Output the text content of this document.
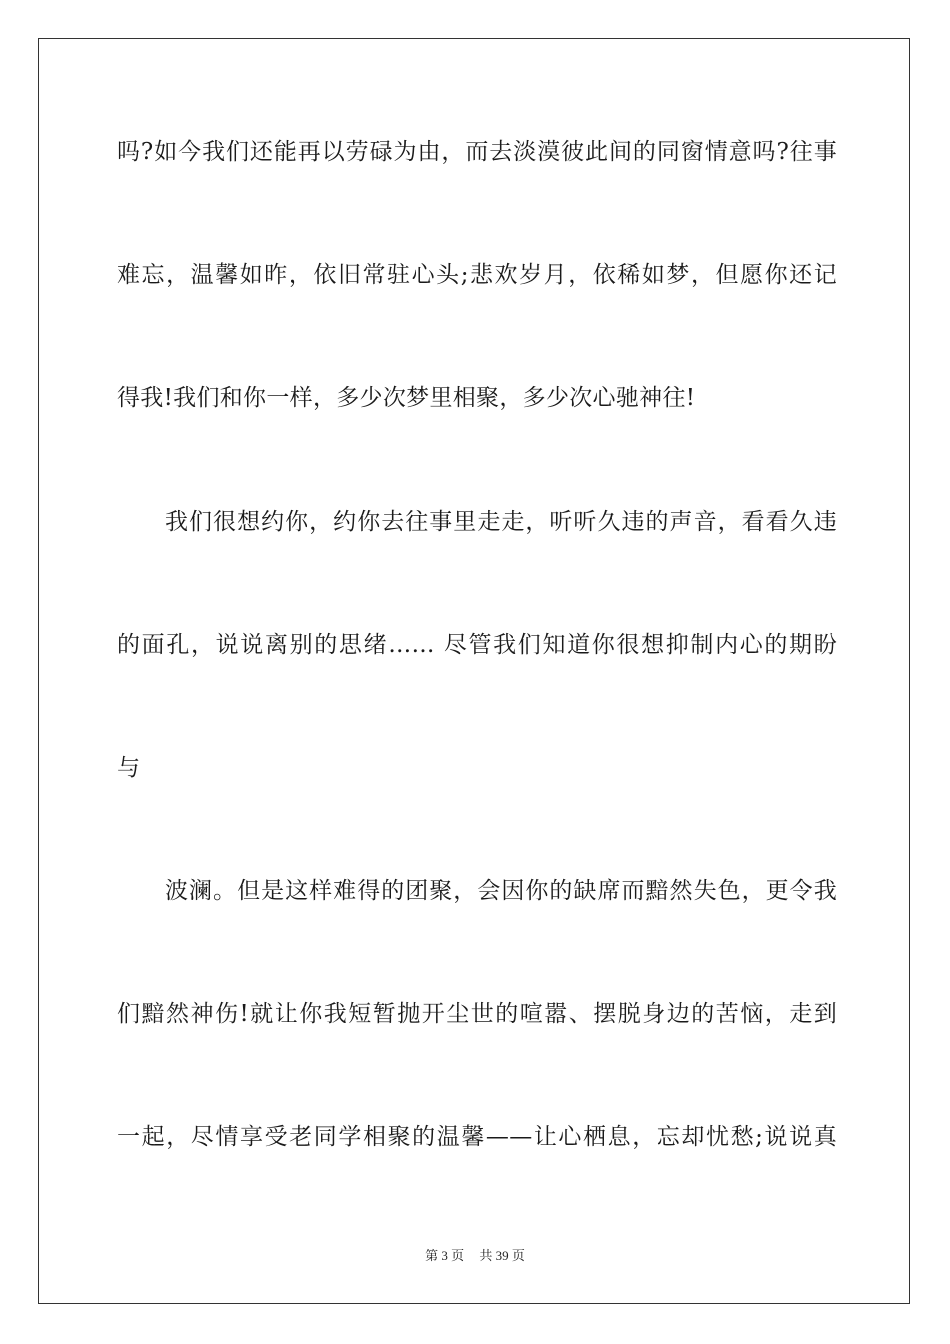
吗?如今我们还能再以劳碌为由，而去淡漠彼此间的同窗情意吗?往事
难忘，温馨如昨，依旧常驻心头;悲欢岁月，依稀如梦，但愿你还记
得我!我们和你一样，多少次梦里相聚，多少次心驰神往!
我们很想约你，约你去往事里走走，听听久违的声音，看看久违
的面孔，说说离别的思绪…… 尽管我们知道你很想抑制内心的期盼
与
波澜。但是这样难得的团聚，会因你的缺席而黯然失色，更令我
们黯然神伤!就让你我短暂抛开尘世的喧嚣、摆脱身边的苦恼，走到
一起，尽情享受老同学相聚的温馨——让心栖息，忘却忧愁;说说真
第 3 页 共 39 页
